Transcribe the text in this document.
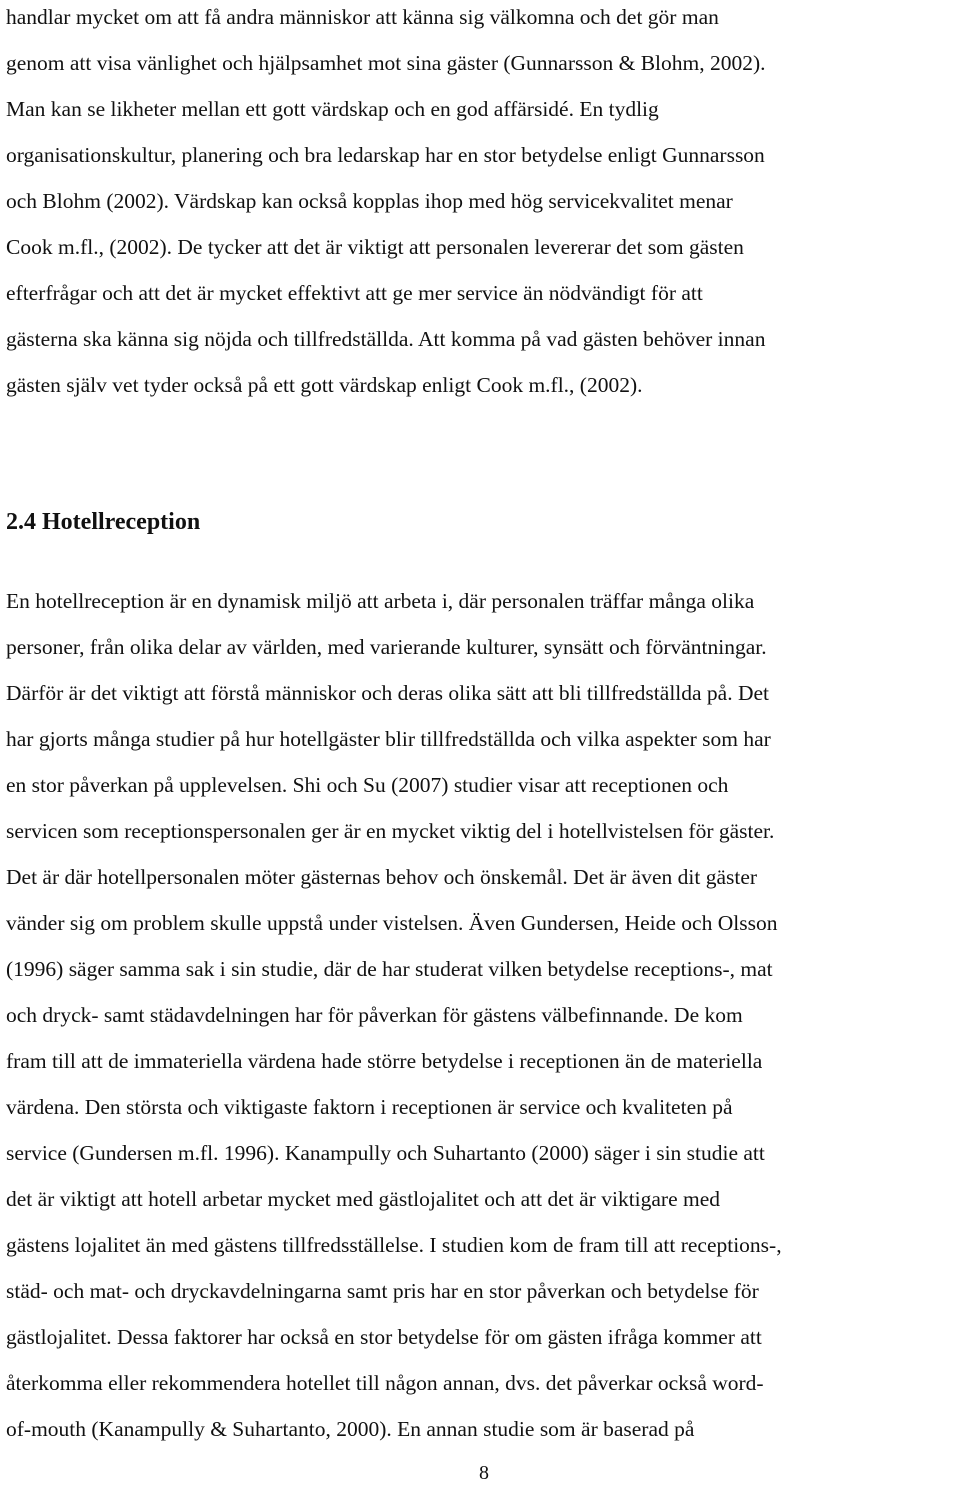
handlar mycket om att få andra människor att känna sig välkomna och det gör man

genom att visa vänlighet och hjälpsamhet mot sina gäster (Gunnarsson & Blohm, 2002).

Man kan se likheter mellan ett gott värdskap och en god affärsidé. En tydlig

organisationskultur, planering och bra ledarskap har en stor betydelse enligt Gunnarsson

och Blohm (2002). Värdskap kan också kopplas ihop med hög servicekvalitet menar

Cook m.fl., (2002). De tycker att det är viktigt att personalen levererar det som gästen

efterfrågar och att det är mycket effektivt att ge mer service än nödvändigt för att

gästerna ska känna sig nöjda och tillfredställda. Att komma på vad gästen behöver innan

gästen själv vet tyder också på ett gott värdskap enligt Cook m.fl., (2002).

2.4 Hotellreception

En hotellreception är en dynamisk miljö att arbeta i, där personalen träffar många olika

personer, från olika delar av världen, med varierande kulturer, synsätt och förväntningar.

Därför är det viktigt att förstå människor och deras olika sätt att bli tillfredställda på. Det

har gjorts många studier på hur hotellgäster blir tillfredställda och vilka aspekter som har

en stor påverkan på upplevelsen. Shi och Su (2007) studier visar att receptionen och

servicen som receptionspersonalen ger är en mycket viktig del i hotellvistelsen för gäster.

Det är där hotellpersonalen möter gästernas behov och önskemål. Det är även dit gäster

vänder sig om problem skulle uppstå under vistelsen. Även Gundersen, Heide och Olsson

(1996) säger samma sak i sin studie, där de har studerat vilken betydelse receptions-, mat

och dryck- samt städavdelningen har för påverkan för gästens välbefinnande. De kom

fram till att de immateriella värdena hade större betydelse i receptionen än de materiella

värdena. Den största och viktigaste faktorn i receptionen är service och kvaliteten på

service (Gundersen m.fl. 1996). Kanampully och Suhartanto (2000) säger i sin studie att

det är viktigt att hotell arbetar mycket med gästlojalitet och att det är viktigare med

gästens lojalitet än med gästens tillfredsställelse. I studien kom de fram till att receptions-,

städ- och mat- och dryckavdelningarna samt pris har en stor påverkan och betydelse för

gästlojalitet. Dessa faktorer har också en stor betydelse för om gästen ifråga kommer att

återkomma eller rekommendera hotellet till någon annan, dvs. det påverkar också word-

of-mouth (Kanampully & Suhartanto, 2000). En annan studie som är baserad på

8
